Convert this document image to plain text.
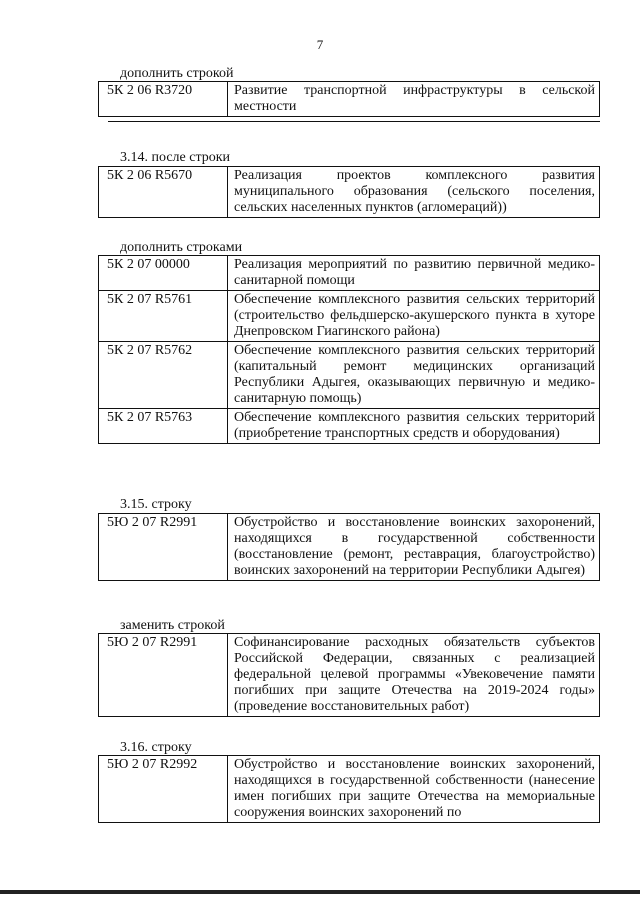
7
дополнить строкой
5К 2 06 R3720	Развитие транспортной инфраструктуры в сельской местности
3.14. после строки
5К 2 06 R5670	Реализация проектов комплексного развития муниципального образования (сельского поселения, сельских населенных пунктов (агломераций))
дополнить строками
5К 2 07 00000	Реализация мероприятий по развитию первичной медико-санитарной помощи
5К 2 07 R5761	Обеспечение комплексного развития сельских территорий (строительство фельдшерско-акушерского пункта в хуторе Днепровском Гиагинского района)
5К 2 07 R5762	Обеспечение комплексного развития сельских территорий (капитальный ремонт медицинских организаций Республики Адыгея, оказывающих первичную и медико-санитарную помощь)
5К 2 07 R5763	Обеспечение комплексного развития сельских территорий (приобретение транспортных средств и оборудования)
3.15. строку
5Ю 2 07 R2991	Обустройство и восстановление воинских захоронений, находящихся в государственной собственности (восстановление (ремонт, реставрация, благоустройство) воинских захоронений на территории Республики Адыгея)
заменить строкой
5Ю 2 07 R2991	Софинансирование расходных обязательств субъектов Российской Федерации, связанных с реализацией федеральной целевой программы «Увековечение памяти погибших при защите Отечества на 2019-2024 годы» (проведение восстановительных работ)
3.16. строку
5Ю 2 07 R2992	Обустройство и восстановление воинских захоронений, находящихся в государственной собственности (нанесение имен погибших при защите Отечества на мемориальные сооружения воинских захоронений по
